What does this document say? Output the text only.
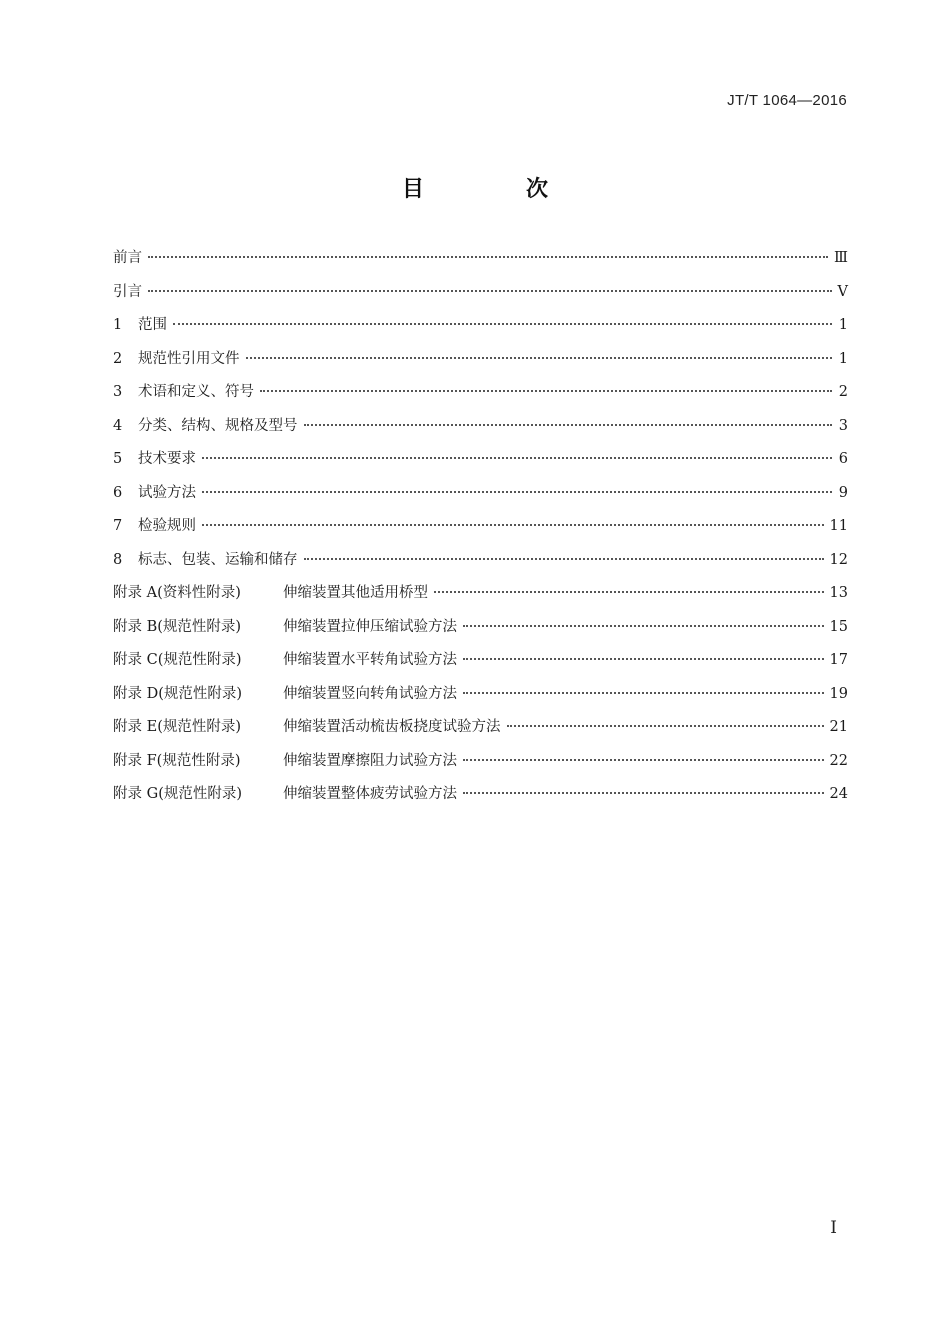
JT/T 1064—2016
目　次
前言	Ⅲ
引言	Ⅴ
1	范围	1
2	规范性引用文件	1
3	术语和定义、符号	2
4	分类、结构、规格及型号	3
5	技术要求	6
6	试验方法	9
7	检验规则	11
8	标志、包装、运输和储存	12
附录 A(资料性附录)	伸缩装置其他适用桥型	13
附录 B(规范性附录)	伸缩装置拉伸压缩试验方法	15
附录 C(规范性附录)	伸缩装置水平转角试验方法	17
附录 D(规范性附录)	伸缩装置竖向转角试验方法	19
附录 E(规范性附录)	伸缩装置活动梳齿板挠度试验方法	21
附录 F(规范性附录)	伸缩装置摩擦阻力试验方法	22
附录 G(规范性附录)	伸缩装置整体疲劳试验方法	24
I
